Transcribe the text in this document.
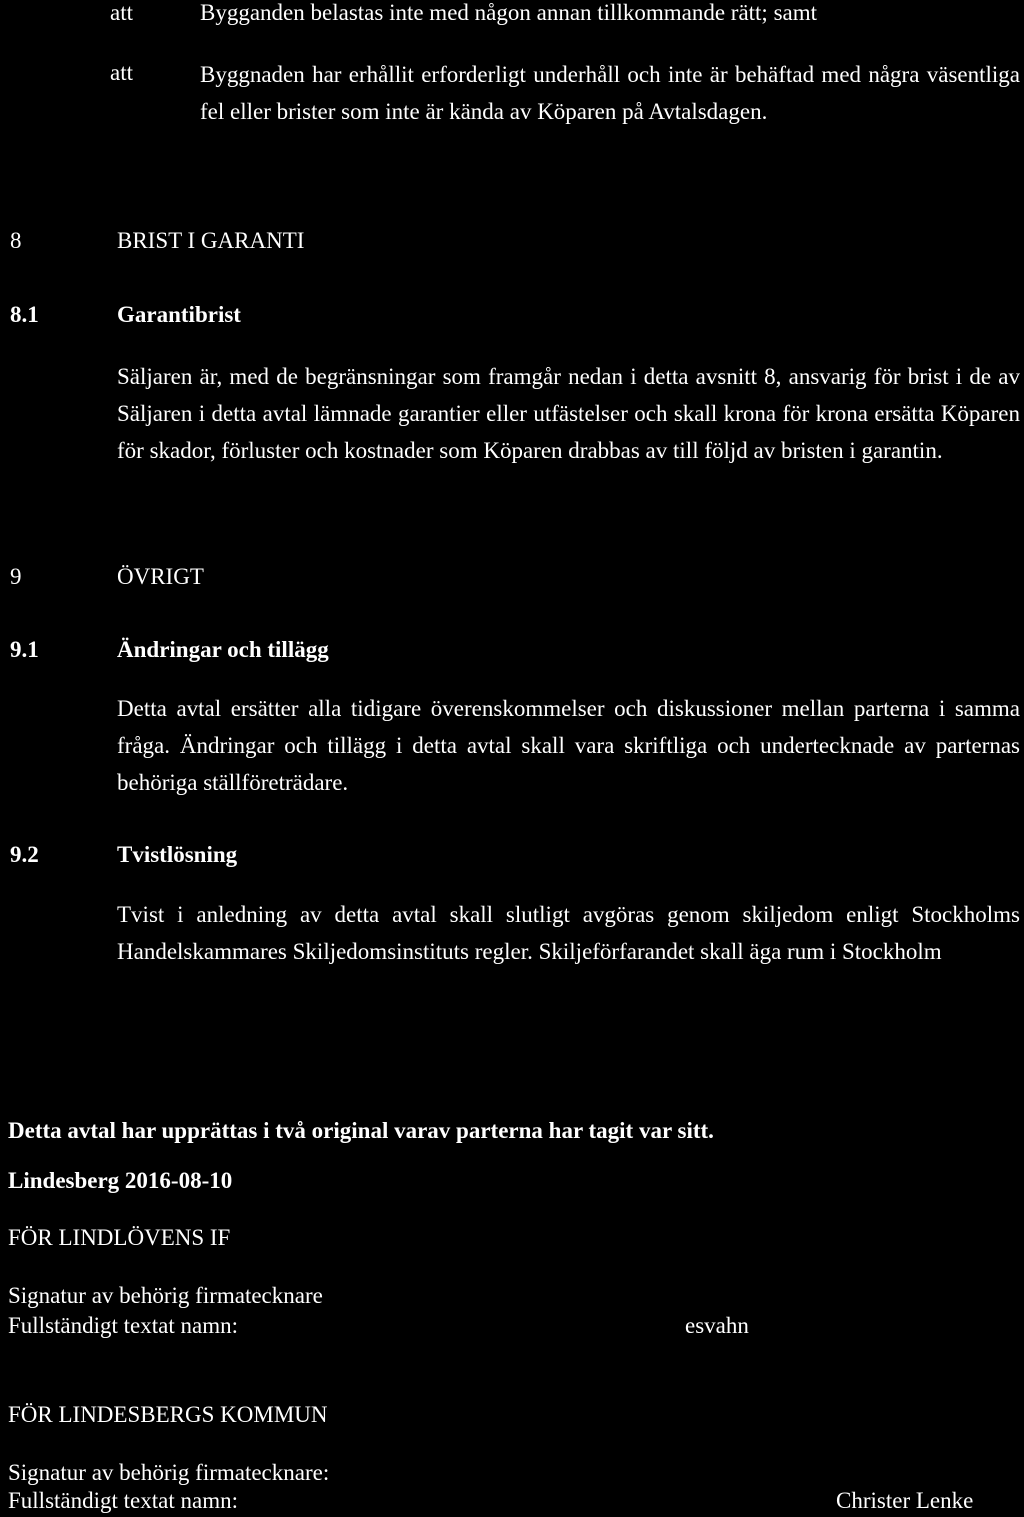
att	Bygganden belastas inte med någon annan tillkommande rätt; samt
att	Byggnaden har erhållit erforderligt underhåll och inte är behäftad med några väsentliga fel eller brister som inte är kända av Köparen på Avtalsdagen.
8	BRIST I GARANTI
8.1	Garantibrist
Säljaren är, med de begränsningar som framgår nedan i detta avsnitt 8, ansvarig för brist i de av Säljaren i detta avtal lämnade garantier eller utfästelser och skall krona för krona ersätta Köparen för skador, förluster och kostnader som Köparen drabbas av till följd av bristen i garantin.
9	ÖVRIGT
9.1	Ändringar och tillägg
Detta avtal ersätter alla tidigare överenskommelser och diskussioner mellan parterna i samma fråga. Ändringar och tillägg i detta avtal skall vara skriftliga och undertecknade av parternas behöriga ställföreträdare.
9.2	Tvistlösning
Tvist i anledning av detta avtal skall slutligt avgöras genom skiljedom enligt Stockholms Handelskammares Skiljedomsinstituts regler. Skiljeförfarandet skall äga rum i Stockholm
Detta avtal har upprättas i två original varav parterna har tagit var sitt.
Lindesberg 2016-08-10
FÖR LINDLÖVENS IF
Signatur av behörig firmatecknare
Fullständigt textat namn:	esvahn
FÖR LINDESBERGS KOMMUN
Signatur av behörig firmatecknare:
Fullständigt textat namn:	Christer Lenke
